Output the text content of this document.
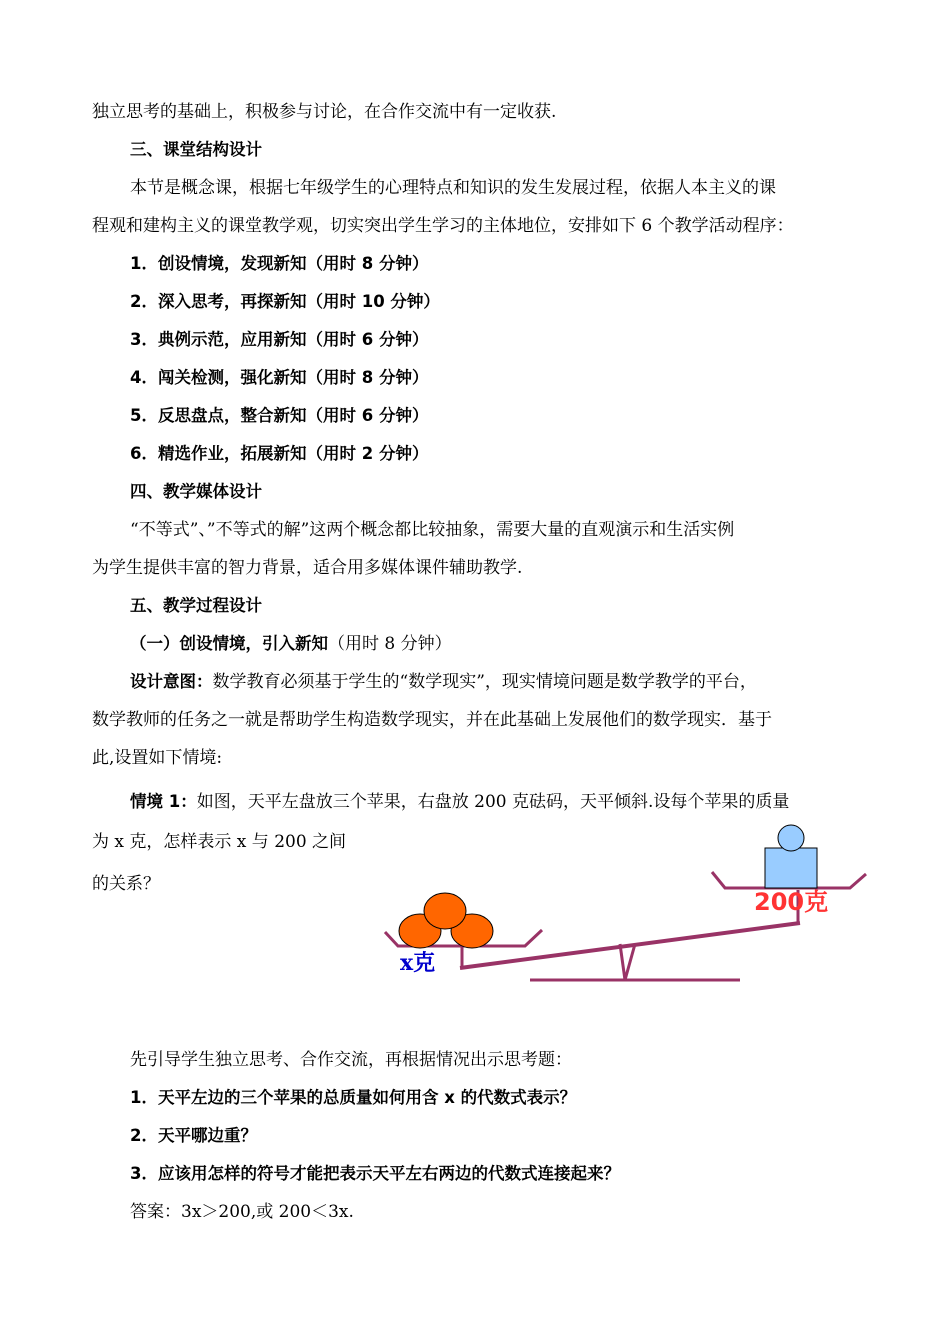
独立思考的基础上，积极参与讨论，在合作交流中有一定收获.
三、课堂结构设计
本节是概念课，根据七年级学生的心理特点和知识的发生发展过程，依据人本主义的课
程观和建构主义的课堂教学观，切实突出学生学习的主体地位，安排如下 6 个教学活动程序：
1．创设情境，发现新知（用时 8 分钟）
2．深入思考，再探新知（用时 10 分钟）
3．典例示范，应用新知（用时 6 分钟）
4．闯关检测，强化新知（用时 8 分钟）
5．反思盘点，整合新知（用时 6 分钟）
6．精选作业，拓展新知（用时 2 分钟）
四、教学媒体设计
“不等式”、”不等式的解”这两个概念都比较抽象，需要大量的直观演示和生活实例
为学生提供丰富的智力背景，适合用多媒体课件辅助教学.
五、教学过程设计
（一）创设情境，引入新知（用时 8 分钟）
设计意图：数学教育必须基于学生的“数学现实”，现实情境问题是数学教学的平台，
数学教师的任务之一就是帮助学生构造数学现实，并在此基础上发展他们的数学现实．基于
此,设置如下情境:
情境 1：如图，天平左盘放三个苹果，右盘放 200 克砝码，天平倾斜.设每个苹果的质量
为 x 克，怎样表示 x 与 200 之间
的关系？
x克
200克
先引导学生独立思考、合作交流，再根据情况出示思考题：
1．天平左边的三个苹果的总质量如何用含 x 的代数式表示？
2．天平哪边重？
3．应该用怎样的符号才能把表示天平左右两边的代数式连接起来？
答案：3x＞200,或 200＜3x.
